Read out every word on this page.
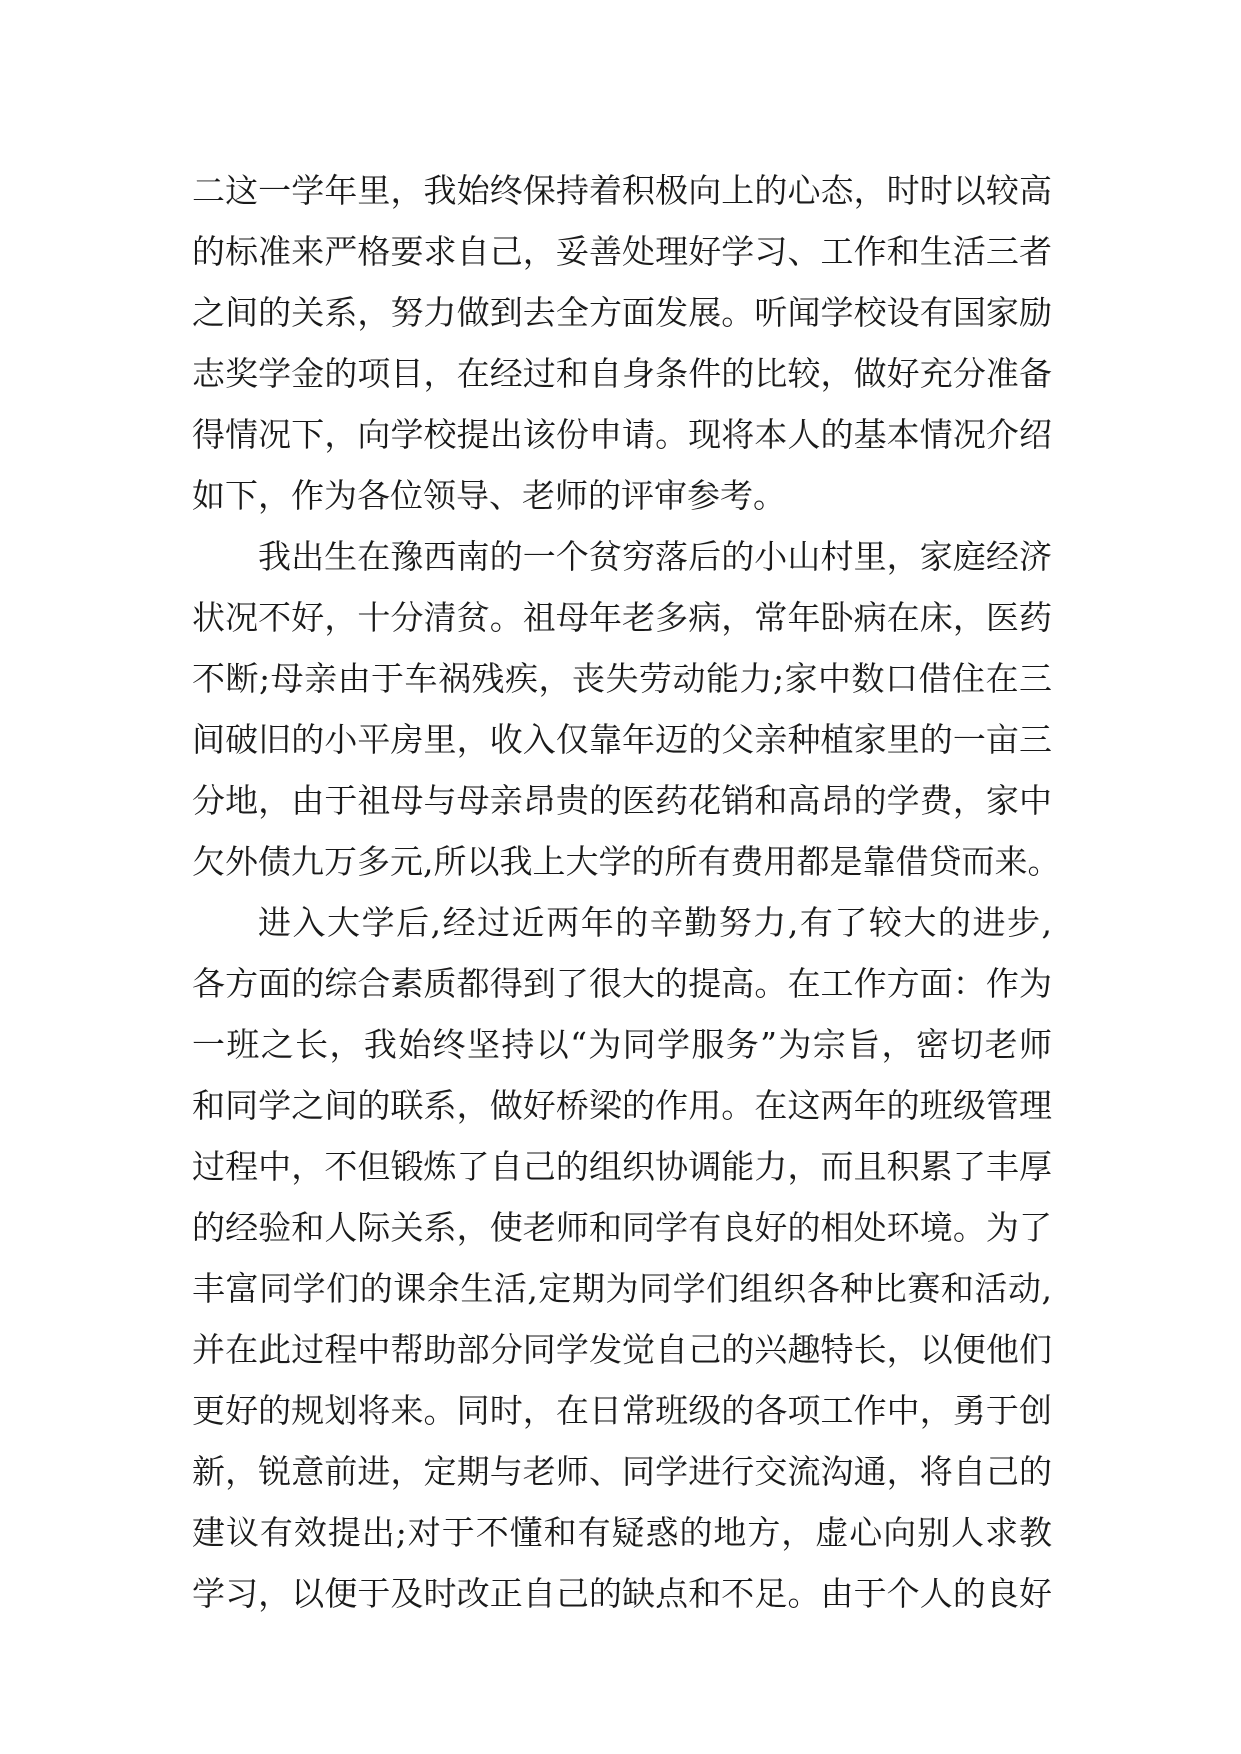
二这一学年里，我始终保持着积极向上的心态，时时以较高
的标准来严格要求自己，妥善处理好学习、工作和生活三者
之间的关系，努力做到去全方面发展。听闻学校设有国家励
志奖学金的项目，在经过和自身条件的比较，做好充分准备
得情况下，向学校提出该份申请。现将本人的基本情况介绍
如下，作为各位领导、老师的评审参考。
我出生在豫西南的一个贫穷落后的小山村里，家庭经济
状况不好，十分清贫。祖母年老多病，常年卧病在床，医药
不断;母亲由于车祸残疾，丧失劳动能力;家中数口借住在三
间破旧的小平房里，收入仅靠年迈的父亲种植家里的一亩三
分地，由于祖母与母亲昂贵的医药花销和高昂的学费，家中
欠外债九万多元,所以我上大学的所有费用都是靠借贷而来。
进入大学后,经过近两年的辛勤努力,有了较大的进步,
各方面的综合素质都得到了很大的提高。在工作方面：作为
一班之长，我始终坚持以“为同学服务”为宗旨，密切老师
和同学之间的联系，做好桥梁的作用。在这两年的班级管理
过程中，不但锻炼了自己的组织协调能力，而且积累了丰厚
的经验和人际关系，使老师和同学有良好的相处环境。为了
丰富同学们的课余生活,定期为同学们组织各种比赛和活动,
并在此过程中帮助部分同学发觉自己的兴趣特长，以便他们
更好的规划将来。同时，在日常班级的各项工作中，勇于创
新，锐意前进，定期与老师、同学进行交流沟通，将自己的
建议有效提出;对于不懂和有疑惑的地方，虚心向别人求教
学习，以便于及时改正自己的缺点和不足。由于个人的良好
